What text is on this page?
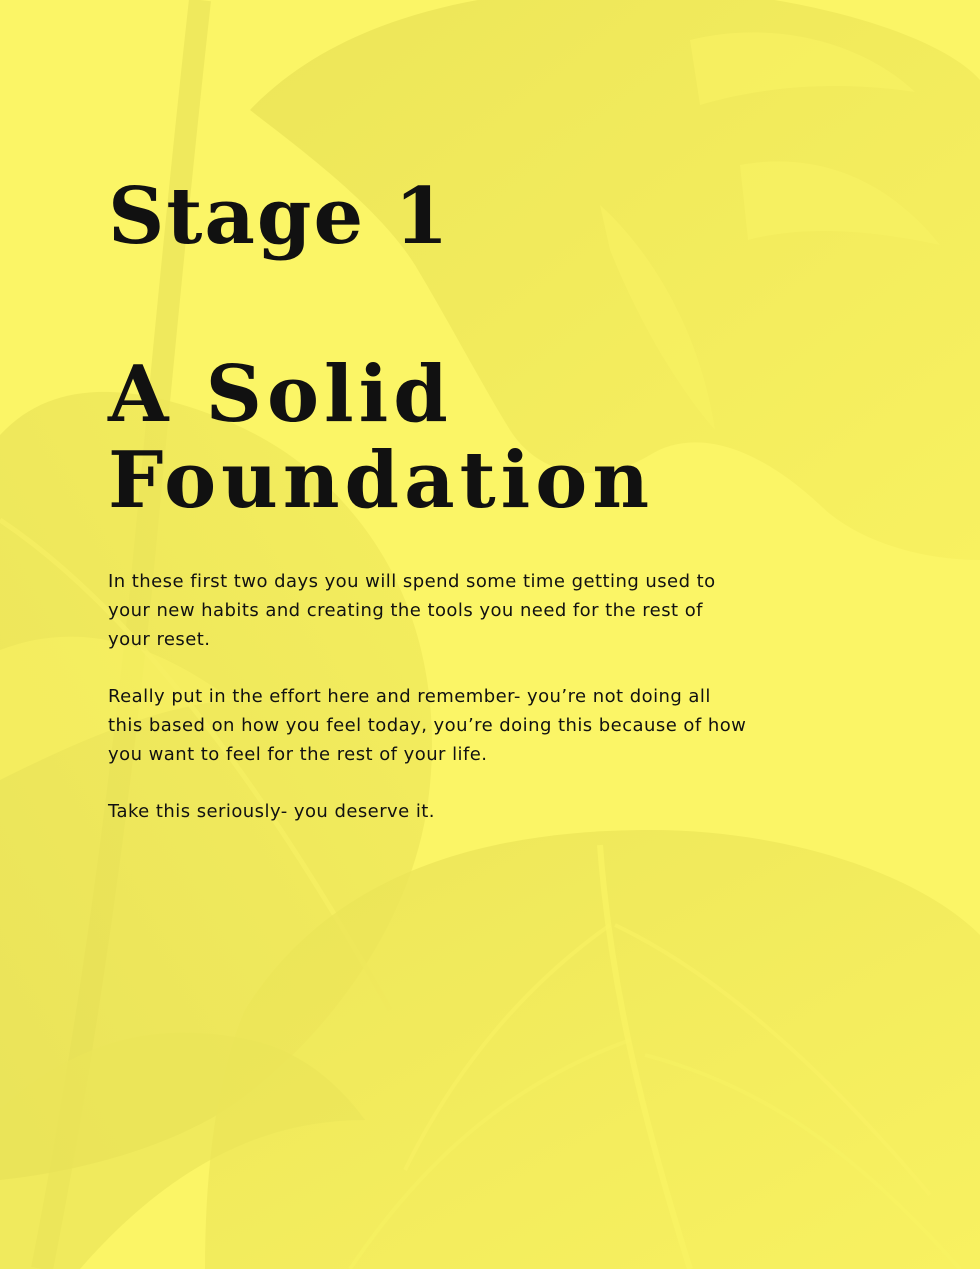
Stage 1
A Solid
Foundation

In these first two days you will spend some time getting used to your new habits and creating the tools you need for the rest of your reset.

Really put in the effort here and remember- you’re not doing all this based on how you feel today, you’re doing this because of how you want to feel for the rest of your life.

Take this seriously- you deserve it.
